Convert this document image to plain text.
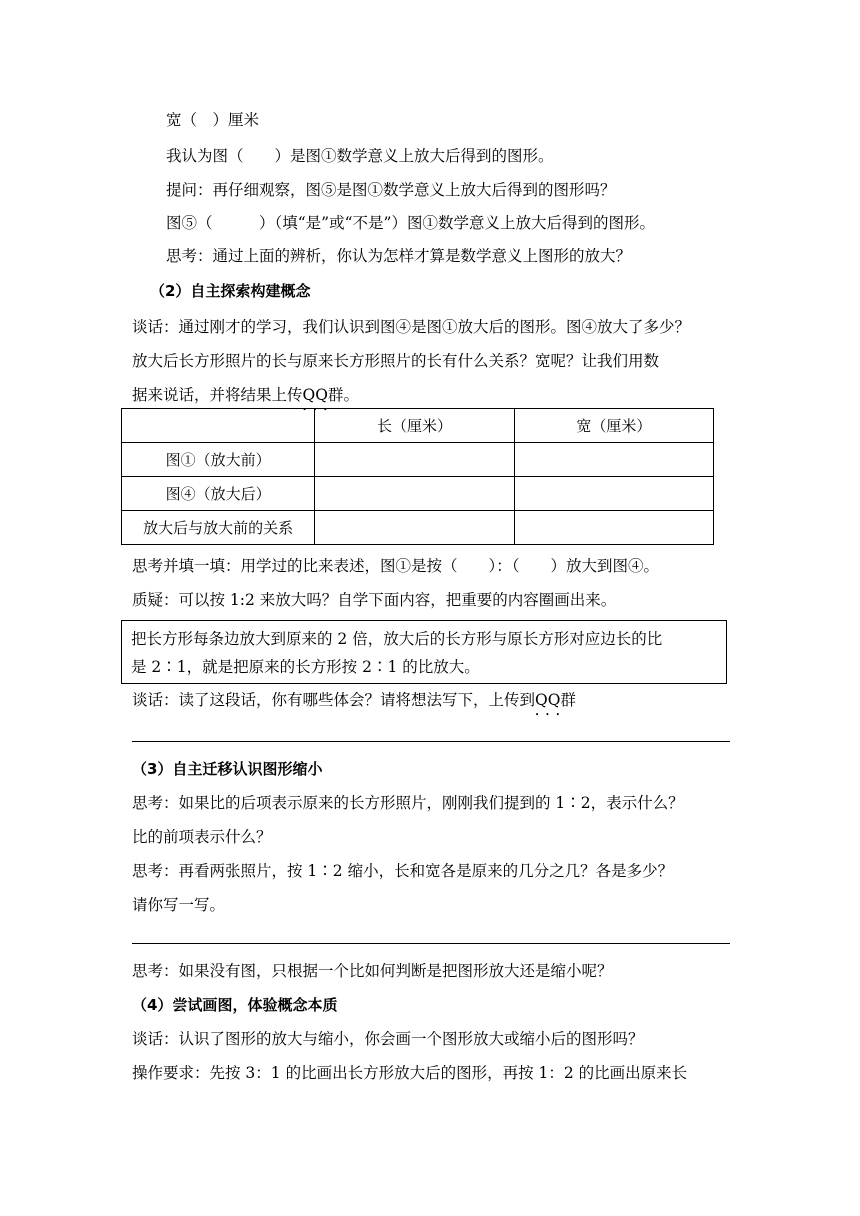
宽（　）厘米
我认为图（　　）是图①数学意义上放大后得到的图形。
提问：再仔细观察，图⑤是图①数学意义上放大后得到的图形吗？
图⑤（　　　）（填“是”或“不是”）图①数学意义上放大后得到的图形。
思考：通过上面的辨析，你认为怎样才算是数学意义上图形的放大？
（2）自主探索构建概念
谈话：通过刚才的学习，我们认识到图④是图①放大后的图形。图④放大了多少？
放大后长方形照片的长与原来长方形照片的长有什么关系？宽呢？让我们用数
据来说话，并将结果上传QQ群 • • •。
	长（厘米）	宽（厘米）
图①（放大前）		
图④（放大后）		
放大后与放大前的关系		
思考并填一填：用学过的比来表述，图①是按（　　）：（　　）放大到图④。
质疑：可以按 1:2 来放大吗？自学下面内容，把重要的内容圈画出来。
把长方形每条边放大到原来的 2 倍，放大后的长方形与原长方形对应边长的比
是 2∶1，就是把原来的长方形按 2∶1 的比放大。
谈话：读了这段话，你有哪些体会？请将想法写下，上传到QQ群 • • •
（3）自主迁移认识图形缩小
思考：如果比的后项表示原来的长方形照片，刚刚我们提到的 1∶2，表示什么？
比的前项表示什么？
思考：再看两张照片，按 1∶2 缩小，长和宽各是原来的几分之几？各是多少？
请你写一写。
思考：如果没有图，只根据一个比如何判断是把图形放大还是缩小呢？
（4）尝试画图，体验概念本质
谈话：认识了图形的放大与缩小，你会画一个图形放大或缩小后的图形吗？
操作要求：先按 3：1 的比画出长方形放大后的图形，再按 1：2 的比画出原来长
